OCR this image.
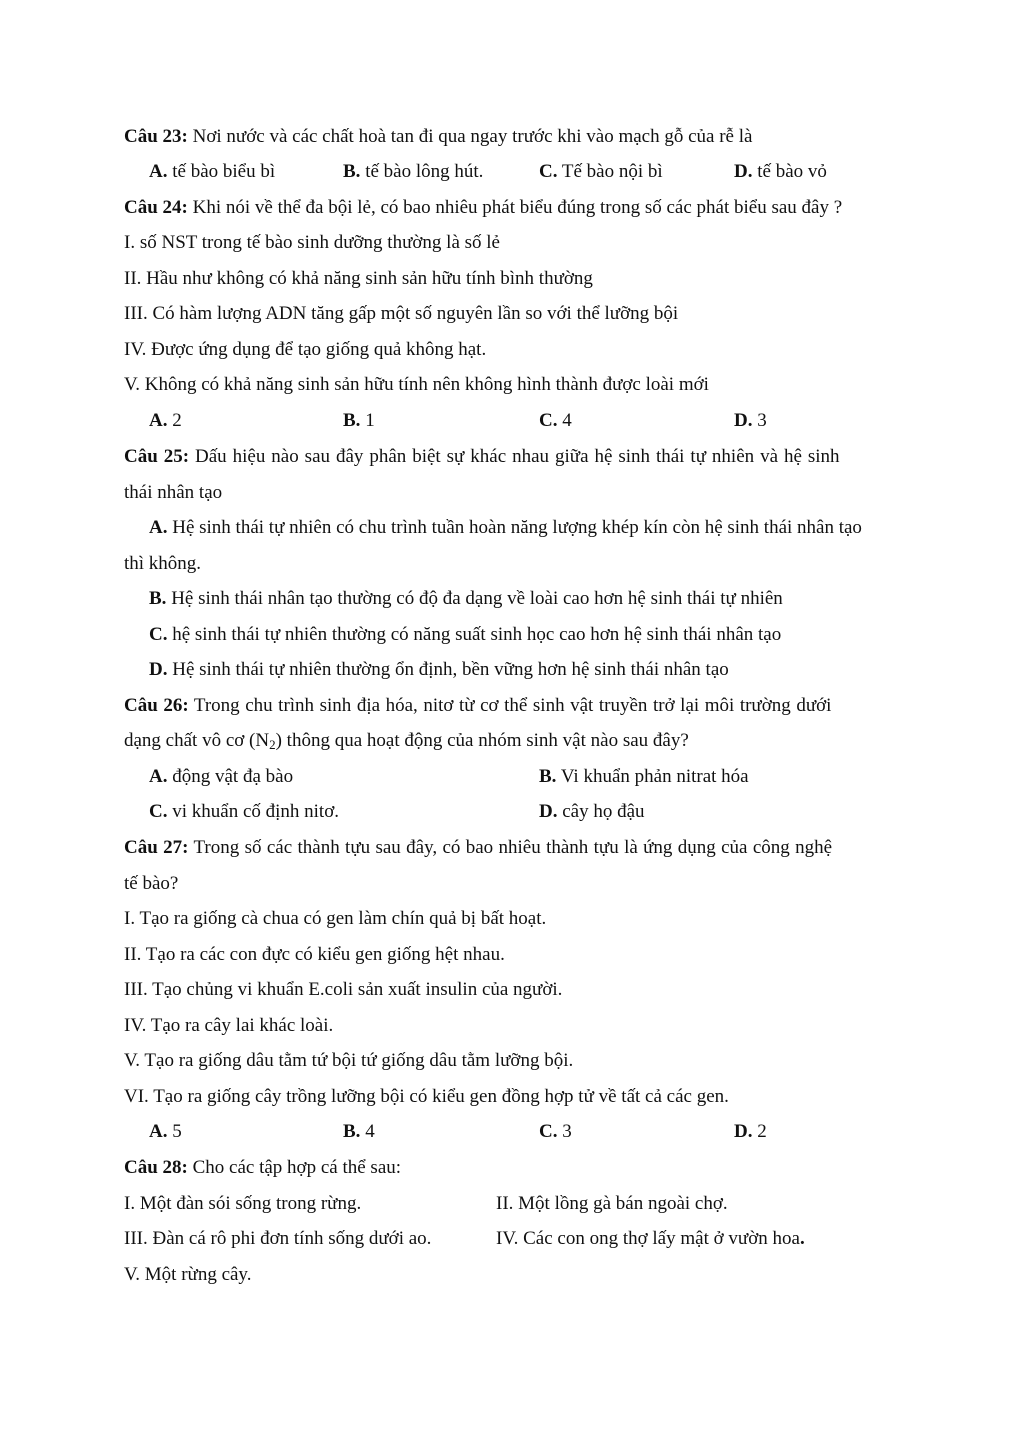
Câu 23: Nơi nước và các chất hoà tan đi qua ngay trước khi vào mạch gỗ của rễ là
A. tế bào biểu bì	B. tế bào lông hút.	C. Tế bào nội bì	D. tế bào vỏ
Câu 24: Khi nói về thể đa bội lẻ, có bao nhiêu phát biểu đúng trong số các phát biểu sau đây ?
I. số NST trong tế bào sinh dưỡng thường là số lẻ
II. Hầu như không có khả năng sinh sản hữu tính bình thường
III. Có hàm lượng ADN tăng gấp một số nguyên lần so với thể lưỡng bội
IV. Được ứng dụng để tạo giống quả không hạt.
V. Không có khả năng sinh sản hữu tính nên không hình thành được loài mới
A. 2	B. 1	C. 4	D. 3
Câu 25: Dấu hiệu nào sau đây phân biệt sự khác nhau giữa hệ sinh thái tự nhiên và hệ sinh
thái nhân tạo
A. Hệ sinh thái tự nhiên có chu trình tuần hoàn năng lượng khép kín còn hệ sinh thái nhân tạo
thì không.
B. Hệ sinh thái nhân tạo thường có độ đa dạng về loài cao hơn hệ sinh thái tự nhiên
C. hệ sinh thái tự nhiên thường có năng suất sinh học cao hơn hệ sinh thái nhân tạo
D. Hệ sinh thái tự nhiên thường ổn định, bền vững hơn hệ sinh thái nhân tạo
Câu 26: Trong chu trình sinh địa hóa, nitơ từ cơ thể sinh vật truyền trở lại môi trường dưới
dạng chất vô cơ $(N_2)$ thông qua hoạt động của nhóm sinh vật nào sau đây?
A. động vật đạ bào	B. Vi khuẩn phản nitrat hóa
C. vi khuẩn cố định nitơ.	D. cây họ đậu
Câu 27: Trong số các thành tựu sau đây, có bao nhiêu thành tựu là ứng dụng của công nghệ
tế bào?
I. Tạo ra giống cà chua có gen làm chín quả bị bất hoạt.
II. Tạo ra các con đực có kiểu gen giống hệt nhau.
III. Tạo chủng vi khuẩn E.coli sản xuất insulin của người.
IV. Tạo ra cây lai khác loài.
V. Tạo ra giống dâu tằm tứ bội tứ giống dâu tằm lưỡng bội.
VI. Tạo ra giống cây trồng lưỡng bội có kiểu gen đồng hợp tử về tất cả các gen.
A. 5	B. 4	C. 3	D. 2
Câu 28: Cho các tập hợp cá thể sau:
I. Một đàn sói sống trong rừng.	II. Một lồng gà bán ngoài chợ.
III. Đàn cá rô phi đơn tính sống dưới ao.	IV. Các con ong thợ lấy mật ở vườn hoa.
V. Một rừng cây.
